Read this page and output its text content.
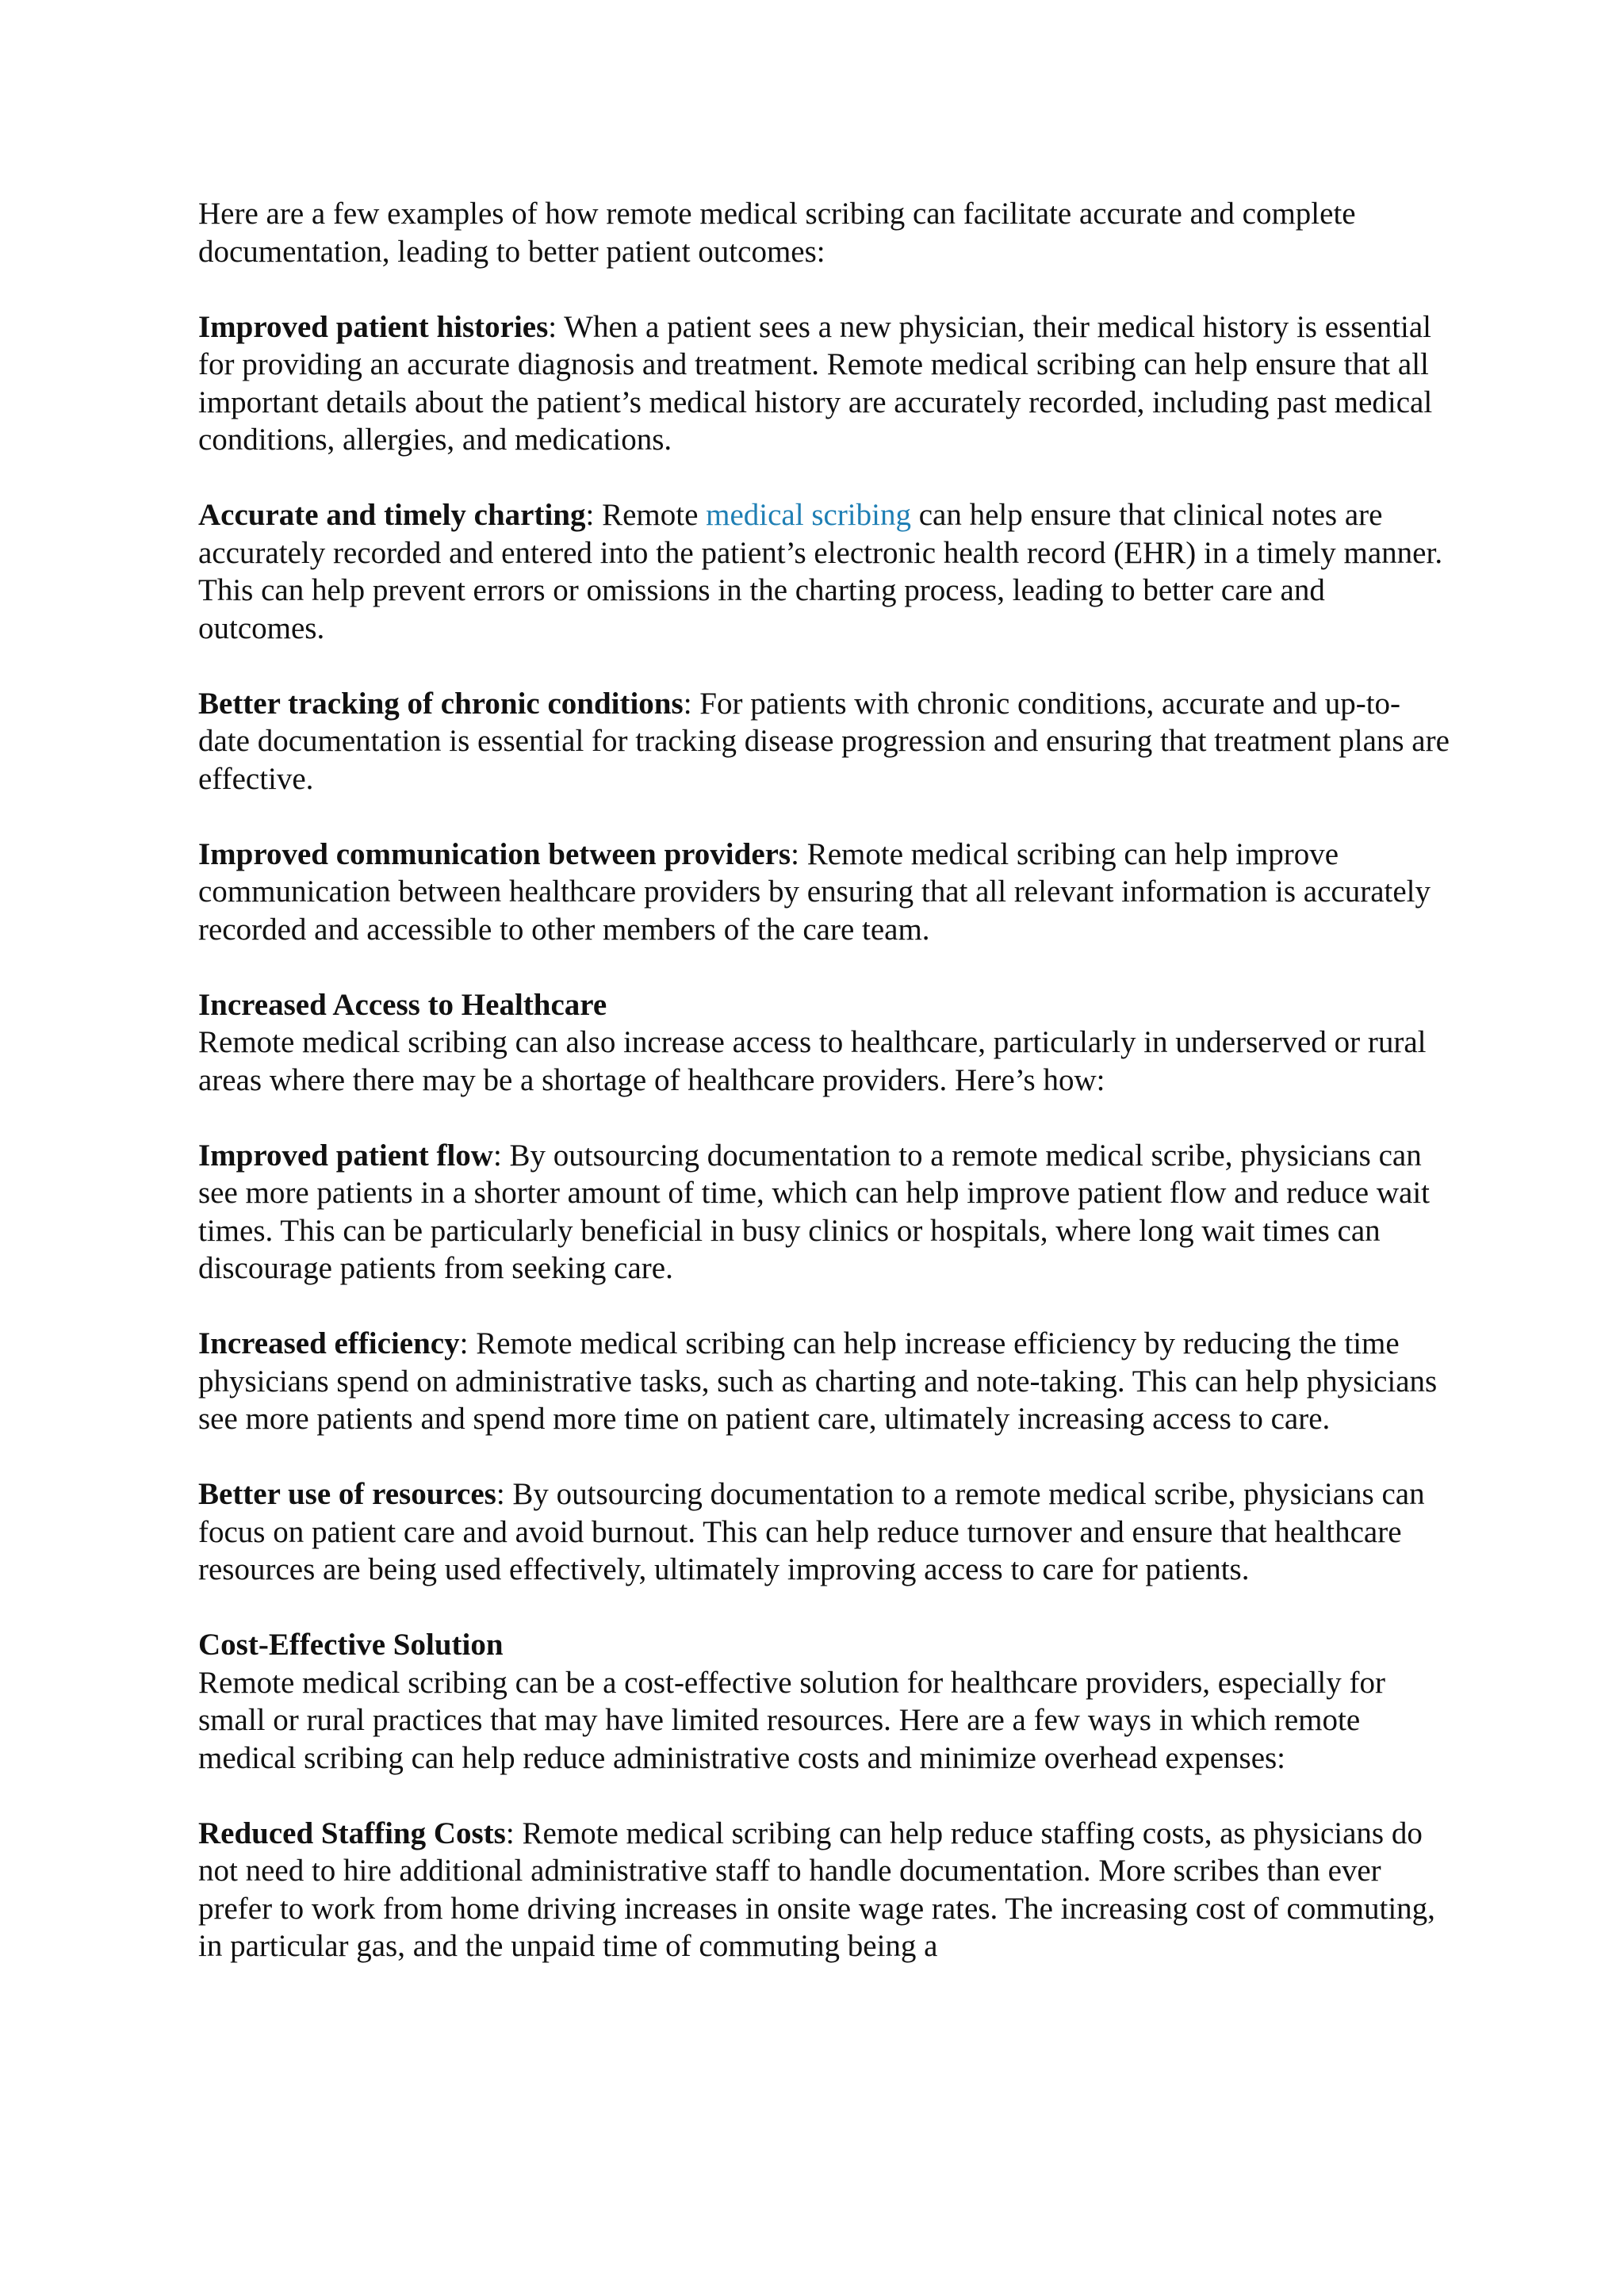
Here are a few examples of how remote medical scribing can facilitate accurate and complete documentation, leading to better patient outcomes:

Improved patient histories: When a patient sees a new physician, their medical history is essential for providing an accurate diagnosis and treatment. Remote medical scribing can help ensure that all important details about the patient’s medical history are accurately recorded, including past medical conditions, allergies, and medications.

Accurate and timely charting: Remote medical scribing can help ensure that clinical notes are accurately recorded and entered into the patient’s electronic health record (EHR) in a timely manner. This can help prevent errors or omissions in the charting process, leading to better care and outcomes.

Better tracking of chronic conditions: For patients with chronic conditions, accurate and up-to-date documentation is essential for tracking disease progression and ensuring that treatment plans are effective.

Improved communication between providers: Remote medical scribing can help improve communication between healthcare providers by ensuring that all relevant information is accurately recorded and accessible to other members of the care team.

Increased Access to Healthcare
Remote medical scribing can also increase access to healthcare, particularly in underserved or rural areas where there may be a shortage of healthcare providers. Here’s how:

Improved patient flow: By outsourcing documentation to a remote medical scribe, physicians can see more patients in a shorter amount of time, which can help improve patient flow and reduce wait times. This can be particularly beneficial in busy clinics or hospitals, where long wait times can discourage patients from seeking care.

Increased efficiency: Remote medical scribing can help increase efficiency by reducing the time physicians spend on administrative tasks, such as charting and note-taking. This can help physicians see more patients and spend more time on patient care, ultimately increasing access to care.

Better use of resources: By outsourcing documentation to a remote medical scribe, physicians can focus on patient care and avoid burnout. This can help reduce turnover and ensure that healthcare resources are being used effectively, ultimately improving access to care for patients.

Cost-Effective Solution
Remote medical scribing can be a cost-effective solution for healthcare providers, especially for small or rural practices that may have limited resources. Here are a few ways in which remote medical scribing can help reduce administrative costs and minimize overhead expenses:

Reduced Staffing Costs: Remote medical scribing can help reduce staffing costs, as physicians do not need to hire additional administrative staff to handle documentation. More scribes than ever prefer to work from home driving increases in onsite wage rates. The increasing cost of commuting, in particular gas, and the unpaid time of commuting being a
